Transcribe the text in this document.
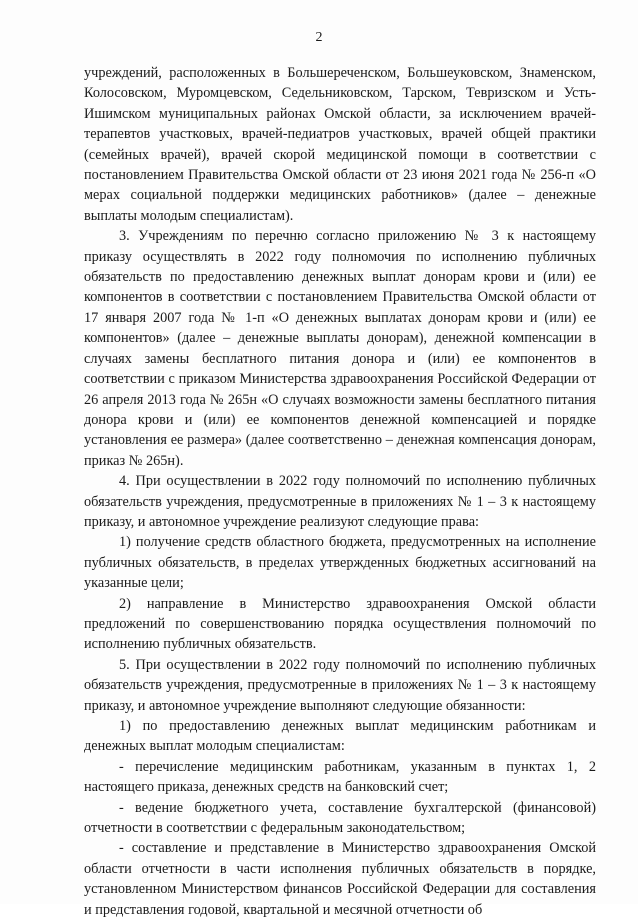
2

учреждений, расположенных в Большереченском, Большеуковском, Знаменском, Колосовском, Муромцевском, Седельниковском, Тарском, Тевризском и Усть-Ишимском муниципальных районах Омской области, за исключением врачей-терапевтов участковых, врачей-педиатров участковых, врачей общей практики (семейных врачей), врачей скорой медицинской помощи в соответствии с постановлением Правительства Омской области от 23 июня 2021 года № 256-п «О мерах социальной поддержки медицинских работников» (далее – денежные выплаты молодым специалистам).

3. Учреждениям по перечню согласно приложению № 3 к настоящему приказу осуществлять в 2022 году полномочия по исполнению публичных обязательств по предоставлению денежных выплат донорам крови и (или) ее компонентов в соответствии с постановлением Правительства Омской области от 17 января 2007 года № 1-п «О денежных выплатах донорам крови и (или) ее компонентов» (далее – денежные выплаты донорам), денежной компенсации в случаях замены бесплатного питания донора и (или) ее компонентов в соответствии с приказом Министерства здравоохранения Российской Федерации от 26 апреля 2013 года № 265н «О случаях возможности замены бесплатного питания донора крови и (или) ее компонентов денежной компенсацией и порядке установления ее размера» (далее соответственно – денежная компенсация донорам, приказ № 265н).

4. При осуществлении в 2022 году полномочий по исполнению публичных обязательств учреждения, предусмотренные в приложениях № 1 – 3 к настоящему приказу, и автономное учреждение реализуют следующие права:

1) получение средств областного бюджета, предусмотренных на исполнение публичных обязательств, в пределах утвержденных бюджетных ассигнований на указанные цели;

2) направление в Министерство здравоохранения Омской области предложений по совершенствованию порядка осуществления полномочий по исполнению публичных обязательств.

5. При осуществлении в 2022 году полномочий по исполнению публичных обязательств учреждения, предусмотренные в приложениях № 1 – 3 к настоящему приказу, и автономное учреждение выполняют следующие обязанности:

1) по предоставлению денежных выплат медицинским работникам и денежных выплат молодым специалистам:

- перечисление медицинским работникам, указанным в пунктах 1, 2 настоящего приказа, денежных средств на банковский счет;

- ведение бюджетного учета, составление бухгалтерской (финансовой) отчетности в соответствии с федеральным законодательством;

- составление и представление в Министерство здравоохранения Омской области отчетности в части исполнения публичных обязательств в порядке, установленном Министерством финансов Российской Федерации для составления и представления годовой, квартальной и месячной отчетности об
